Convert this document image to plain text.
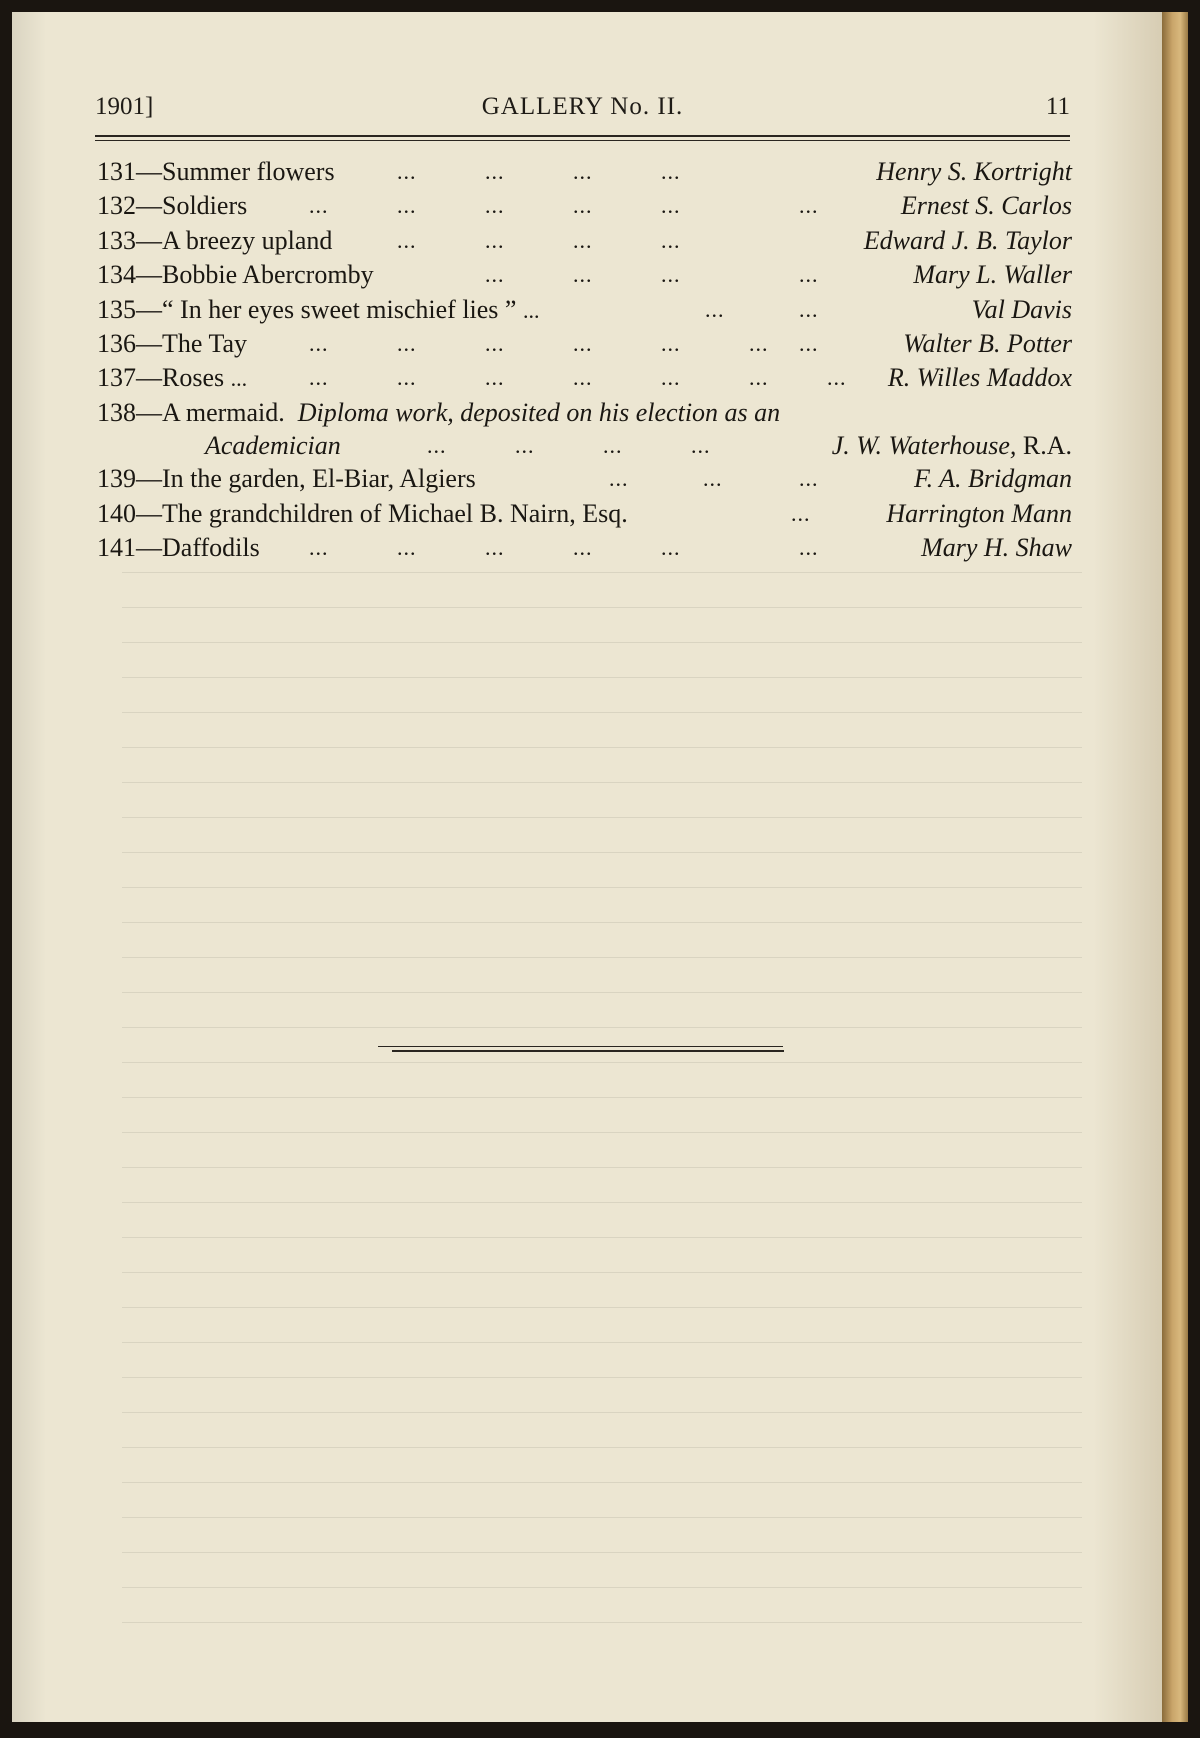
1901]	GALLERY No. II.	11
131—Summer flowers	...	...	...	...	Henry S. Kortright
132—Soldiers	...	...	...	...	...	...	Ernest S. Carlos
133—A breezy upland	...	...	...	...	Edward J. B. Taylor
134—Bobbie Abercromby	...	...	...	...	Mary L. Waller
135—“ In her eyes sweet mischief lies ” ...	...	...	Val Davis
136—The Tay	...	...	...	...	...	... ...	Walter B. Potter
137—Roses ...	...	...	...	...	...	...	... R. Willes Maddox
138—A mermaid. Diploma work, deposited on his election as an
Academician	...	...	...	...	J. W. Waterhouse, R.A.
139—In the garden, El-Biar, Algiers	...	...	...	F. A. Bridgman
140—The grandchildren of Michael B. Nairn, Esq.	...	Harrington Mann
141—Daffodils ...	...	...	...	...	...	Mary H. Shaw
